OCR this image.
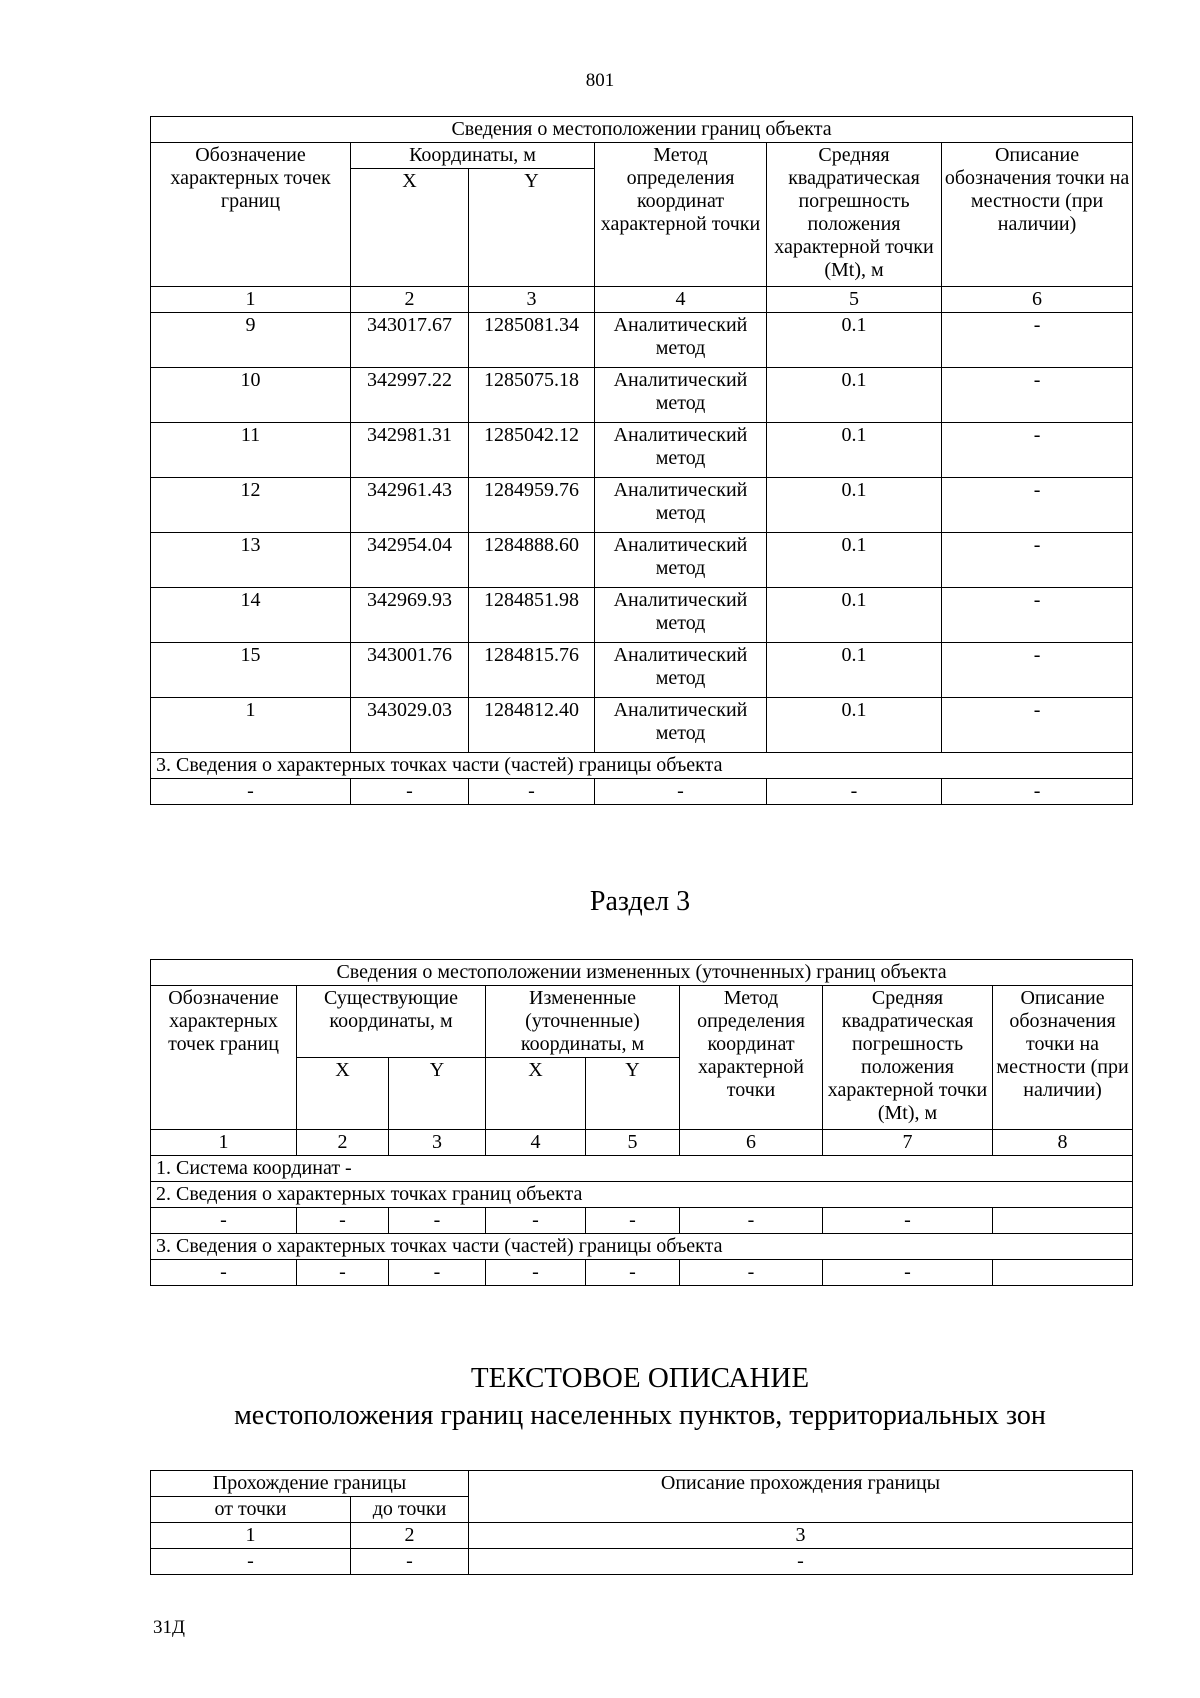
801
Сведения о местоположении границ объекта					
Обозначение характерных точек границ	Координаты, м		Метод определения координат характерной точки	Средняя квадратическая погрешность положения характерной точки (Mt), м	Описание обозначения точки на местности (при наличии)
	X	Y			
1	2	3	4	5	6
9	343017.67	1285081.34	Аналитический метод	0.1	-
10	342997.22	1285075.18	Аналитический метод	0.1	-
11	342981.31	1285042.12	Аналитический метод	0.1	-
12	342961.43	1284959.76	Аналитический метод	0.1	-
13	342954.04	1284888.60	Аналитический метод	0.1	-
14	342969.93	1284851.98	Аналитический метод	0.1	-
15	343001.76	1284815.76	Аналитический метод	0.1	-
1	343029.03	1284812.40	Аналитический метод	0.1	-
3. Сведения о характерных точках части (частей) границы объекта					
-	-	-	-	-	-
Раздел 3
Сведения о местоположении измененных (уточненных) границ объекта							
Обозначение характерных точек границ	Существующие координаты, м		Измененные (уточненные) координаты, м		Метод определения координат характерной точки	Средняя квадратическая погрешность положения характерной точки (Mt), м	Описание обозначения точки на местности (при наличии)
	X	Y	X	Y			
1	2	3	4	5	6	7	8
1. Система координат -							
2. Сведения о характерных точках границ объекта							
-	-	-	-	-	-	-	
3. Сведения о характерных точках части (частей) границы объекта							
-	-	-	-	-	-	-	
ТЕКСТОВОЕ ОПИСАНИЕ
местоположения границ населенных пунктов, территориальных зон
Прохождение границы		Описание прохождения границы
от точки	до точки	
1	2	3
-	-	-
31Д
